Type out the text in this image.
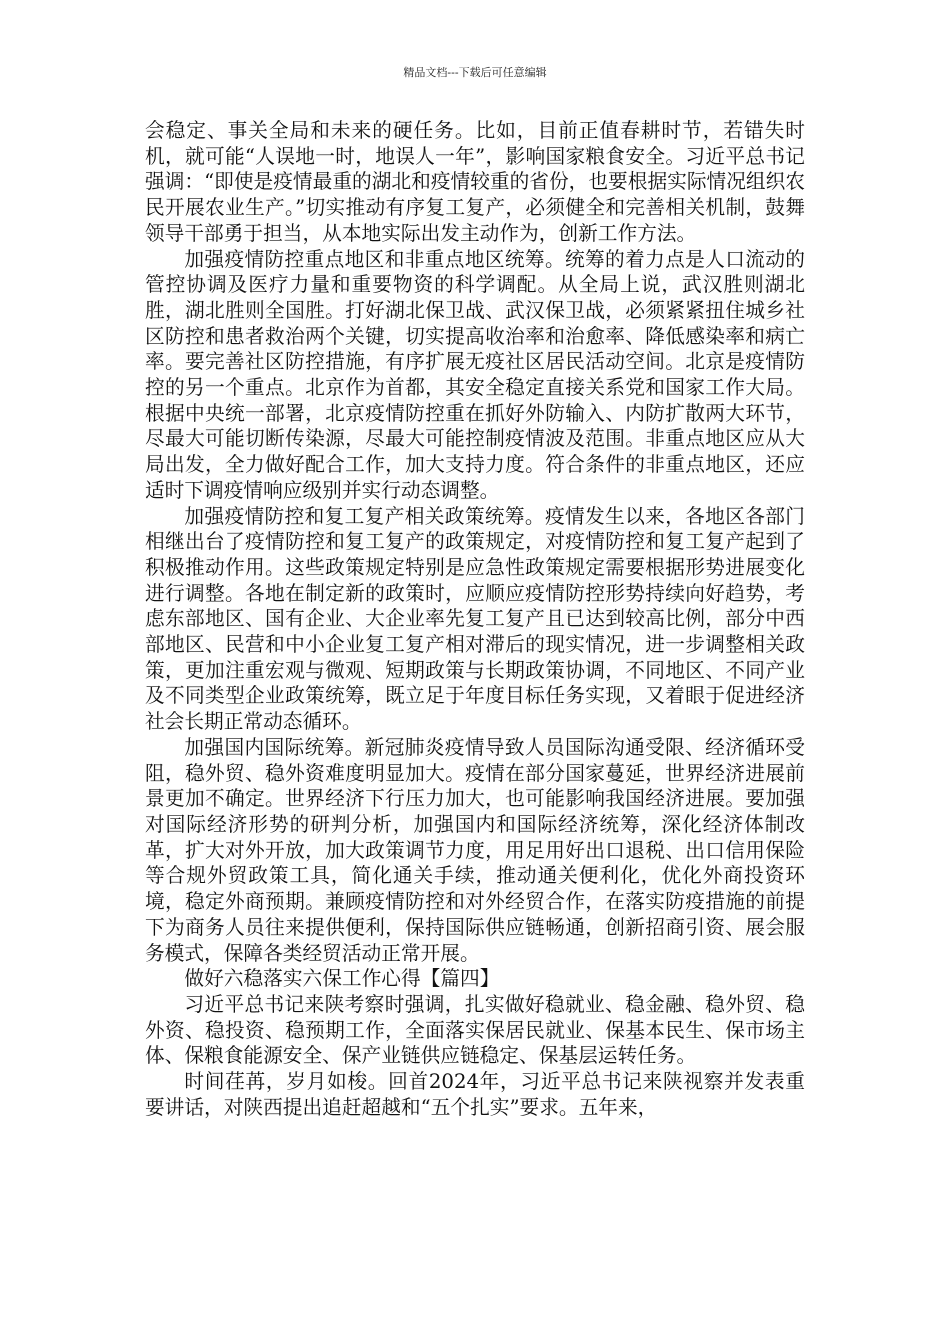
精品文档---下载后可任意编辑

会稳定、事关全局和未来的硬任务。比如，目前正值春耕时节，若错失时机，就可能“人误地一时，地误人一年”，影响国家粮食安全。习近平总书记强调：“即使是疫情最重的湖北和疫情较重的省份，也要根据实际情况组织农民开展农业生产。”切实推动有序复工复产，必须健全和完善相关机制，鼓舞领导干部勇于担当，从本地实际出发主动作为，创新工作方法。

加强疫情防控重点地区和非重点地区统筹。统筹的着力点是人口流动的管控协调及医疗力量和重要物资的科学调配。从全局上说，武汉胜则湖北胜，湖北胜则全国胜。打好湖北保卫战、武汉保卫战，必须紧紧扭住城乡社区防控和患者救治两个关键，切实提高收治率和治愈率、降低感染率和病亡率。要完善社区防控措施，有序扩展无疫社区居民活动空间。北京是疫情防控的另一个重点。北京作为首都，其安全稳定直接关系党和国家工作大局。根据中央统一部署，北京疫情防控重在抓好外防输入、内防扩散两大环节，尽最大可能切断传染源，尽最大可能控制疫情波及范围。非重点地区应从大局出发，全力做好配合工作，加大支持力度。符合条件的非重点地区，还应适时下调疫情响应级别并实行动态调整。

加强疫情防控和复工复产相关政策统筹。疫情发生以来，各地区各部门相继出台了疫情防控和复工复产的政策规定，对疫情防控和复工复产起到了积极推动作用。这些政策规定特别是应急性政策规定需要根据形势进展变化进行调整。各地在制定新的政策时，应顺应疫情防控形势持续向好趋势，考虑东部地区、国有企业、大企业率先复工复产且已达到较高比例，部分中西部地区、民营和中小企业复工复产相对滞后的现实情况，进一步调整相关政策，更加注重宏观与微观、短期政策与长期政策协调，不同地区、不同产业及不同类型企业政策统筹，既立足于年度目标任务实现，又着眼于促进经济社会长期正常动态循环。

加强国内国际统筹。新冠肺炎疫情导致人员国际沟通受限、经济循环受阻，稳外贸、稳外资难度明显加大。疫情在部分国家蔓延，世界经济进展前景更加不确定。世界经济下行压力加大，也可能影响我国经济进展。要加强对国际经济形势的研判分析，加强国内和国际经济统筹，深化经济体制改革，扩大对外开放，加大政策调节力度，用足用好出口退税、出口信用保险等合规外贸政策工具，简化通关手续，推动通关便利化，优化外商投资环境，稳定外商预期。兼顾疫情防控和对外经贸合作，在落实防疫措施的前提下为商务人员往来提供便利，保持国际供应链畅通，创新招商引资、展会服务模式，保障各类经贸活动正常开展。

做好六稳落实六保工作心得【篇四】

习近平总书记来陕考察时强调，扎实做好稳就业、稳金融、稳外贸、稳外资、稳投资、稳预期工作，全面落实保居民就业、保基本民生、保市场主体、保粮食能源安全、保产业链供应链稳定、保基层运转任务。

时间荏苒，岁月如梭。回首2024年，习近平总书记来陕视察并发表重要讲话，对陕西提出追赶超越和“五个扎实”要求。五年来，
